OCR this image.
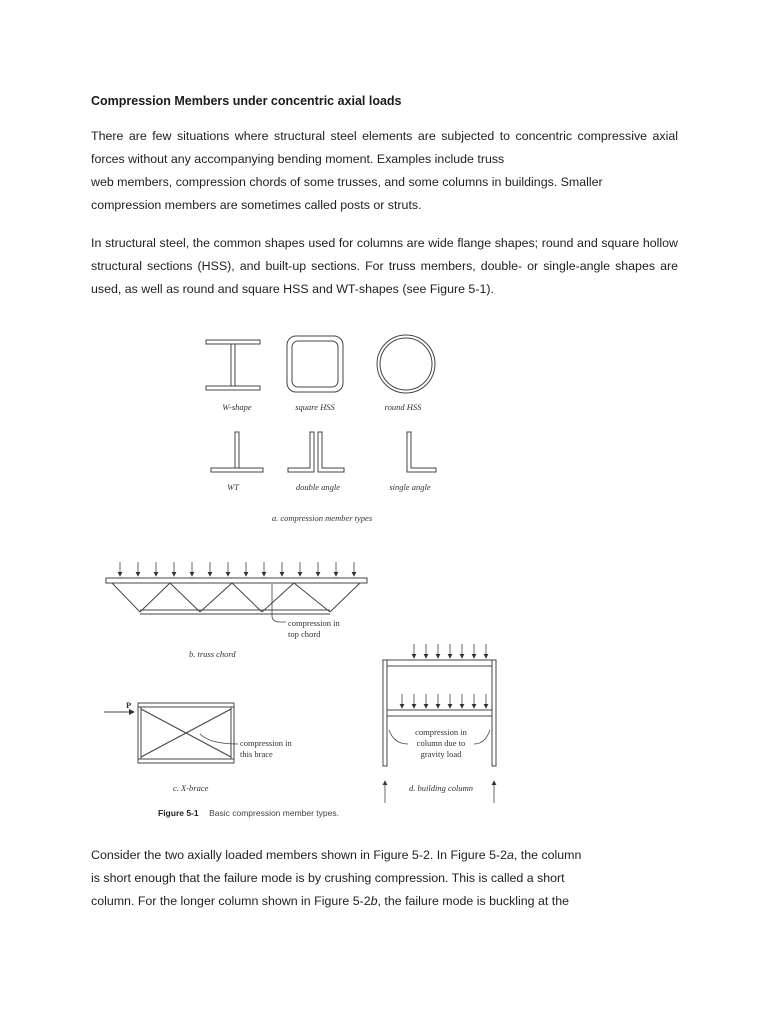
Compression Members under concentric axial loads
There are few situations where structural steel elements are subjected to concentric compressive axial
forces without any accompanying bending moment. Examples include truss
web members, compression chords of some trusses, and some columns in buildings. Smaller
compression members are sometimes called posts or struts.
In structural steel, the common shapes used for columns are wide flange shapes; round and square hollow
structural sections (HSS), and built-up sections. For truss members, double- or single-angle shapes are
used, as well as round and square HSS and WT-shapes (see Figure 5-1).
W-shape	square HSS	round HSS
WT	double angle	single angle
a. compression member types
compression in
top chord
b. truss chord
P
compression in
this brace
c. X-brace
compression in
column due to
gravity load
d. building column
Figure 5-1 Basic compression member types.
Consider the two axially loaded members shown in Figure 5-2. In Figure 5-2a, the column
is short enough that the failure mode is by crushing compression. This is called a short
column. For the longer column shown in Figure 5-2b, the failure mode is buckling at the
